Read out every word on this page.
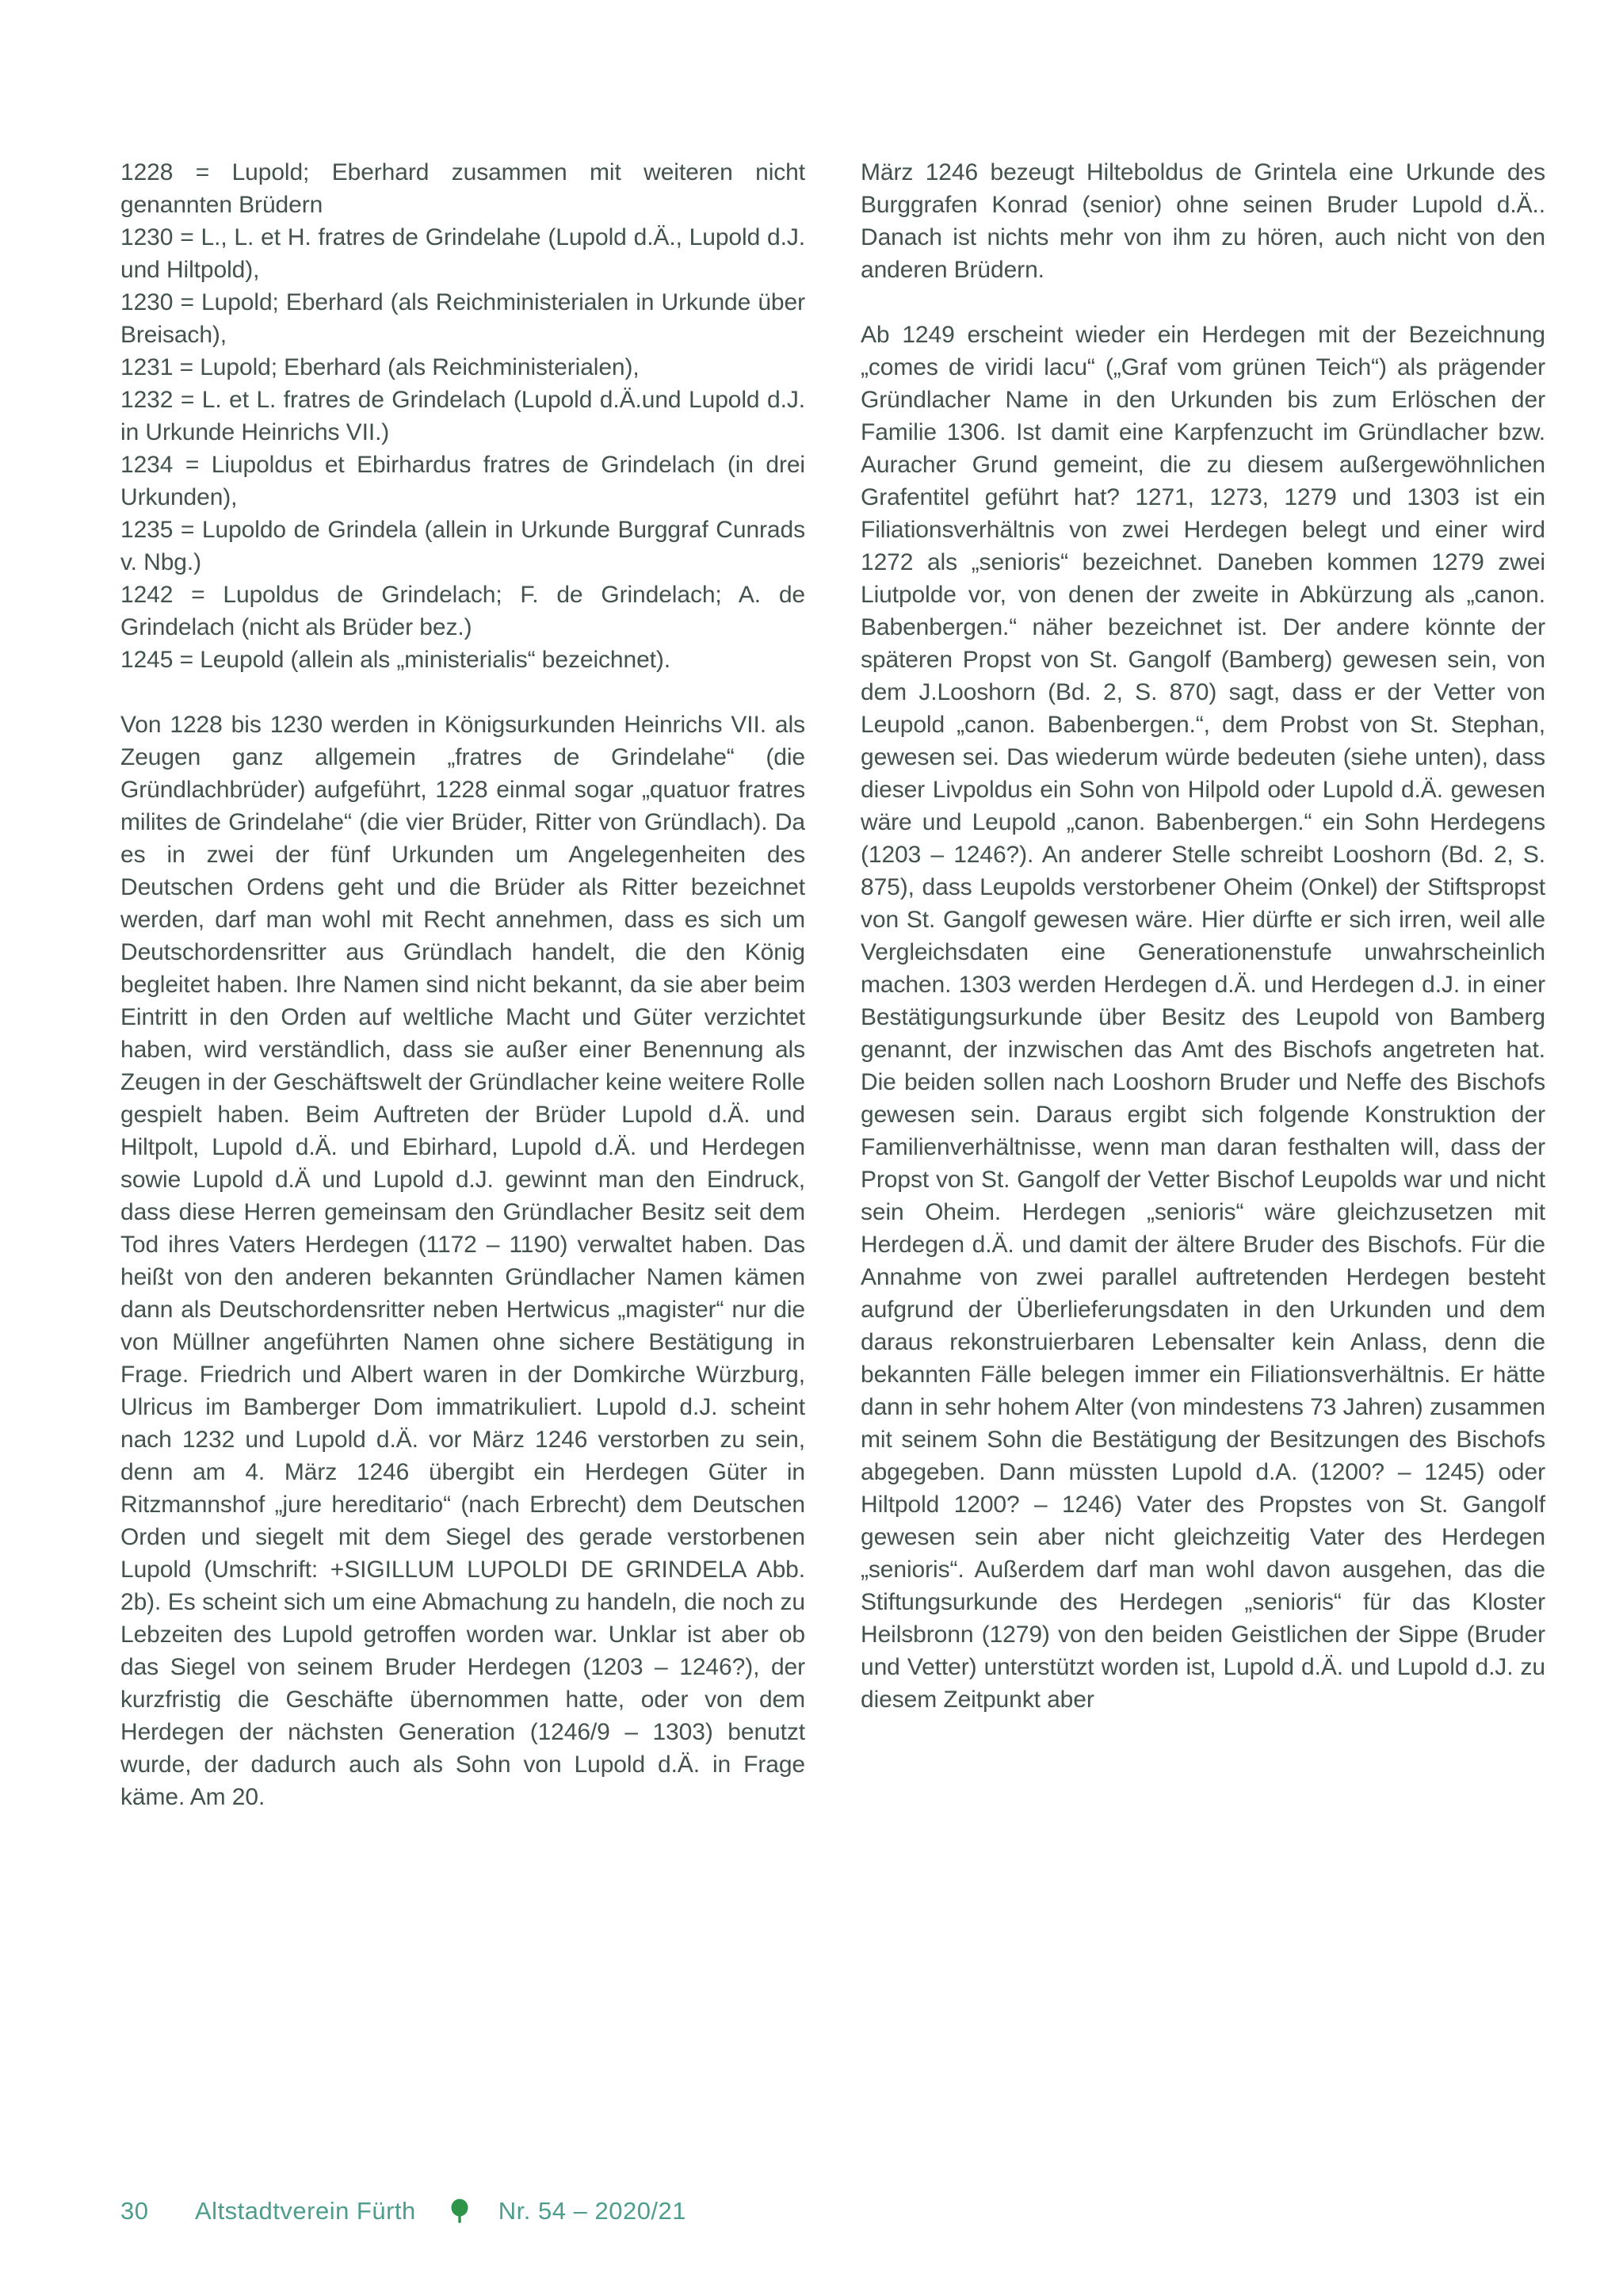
1228 = Lupold; Eberhard zusammen mit weiteren nicht genannten Brüdern

1230 = L., L. et H. fratres de Grindelahe (Lupold d.Ä., Lupold d.J. und Hiltpold),

1230 = Lupold; Eberhard (als Reichministerialen in Urkunde über Breisach),

1231 = Lupold; Eberhard (als Reichministerialen),

1232 = L. et L. fratres de Grindelach (Lupold d.Ä.und Lupold d.J. in Urkunde Heinrichs VII.)

1234 = Liupoldus et Ebirhardus fratres de Grindelach (in drei Urkunden),

1235 = Lupoldo de Grindela (allein in Urkunde Burggraf Cunrads v. Nbg.)

1242 = Lupoldus de Grindelach; F. de Grindelach; A. de Grindelach (nicht als Brüder bez.)

1245 = Leupold (allein als „ministerialis“ bezeichnet).

Von 1228 bis 1230 werden in Königsurkunden Heinrichs VII. als Zeugen ganz allgemein „fratres de Grindelahe“ (die Gründlachbrüder) aufgeführt, 1228 einmal sogar „quatuor fratres milites de Grindelahe“ (die vier Brüder, Ritter von Gründlach). Da es in zwei der fünf Urkunden um Angelegenheiten des Deutschen Ordens geht und die Brüder als Ritter bezeichnet werden, darf man wohl mit Recht annehmen, dass es sich um Deutschordensritter aus Gründlach handelt, die den König begleitet haben. Ihre Namen sind nicht bekannt, da sie aber beim Eintritt in den Orden auf weltliche Macht und Güter verzichtet haben, wird verständlich, dass sie außer einer Benennung als Zeugen in der Geschäftswelt der Gründlacher keine weitere Rolle gespielt haben. Beim Auftreten der Brüder Lupold d.Ä. und Hiltpolt, Lupold d.Ä. und Ebirhard, Lupold d.Ä. und Herdegen sowie Lupold d.Ä und Lupold d.J. gewinnt man den Eindruck, dass diese Herren gemeinsam den Gründlacher Besitz seit dem Tod ihres Vaters Herdegen (1172 – 1190) verwaltet haben. Das heißt von den anderen bekannten Gründlacher Namen kämen dann als Deutschordensritter neben Hertwicus „magister“ nur die von Müllner angeführten Namen ohne sichere Bestätigung in Frage. Friedrich und Albert waren in der Domkirche Würzburg, Ulricus im Bamberger Dom immatrikuliert. Lupold d.J. scheint nach 1232 und Lupold d.Ä. vor März 1246 verstorben zu sein, denn am 4. März 1246 übergibt ein Herdegen Güter in Ritzmannshof „jure hereditario“ (nach Erbrecht) dem Deutschen Orden und siegelt mit dem Siegel des gerade verstorbenen Lupold (Umschrift: +SIGILLUM LUPOLDI DE GRINDELA Abb. 2b). Es scheint sich um eine Abmachung zu handeln, die noch zu Lebzeiten des Lupold getroffen worden war. Unklar ist aber ob das Siegel von seinem Bruder Herdegen (1203 – 1246?), der kurzfristig die Geschäfte übernommen hatte, oder von dem Herdegen der nächsten Generation (1246/9 – 1303) benutzt wurde, der dadurch auch als Sohn von Lupold d.Ä. in Frage käme. Am 20.

März 1246 bezeugt Hilteboldus de Grintela eine Urkunde des Burggrafen Konrad (senior) ohne seinen Bruder Lupold d.Ä.. Danach ist nichts mehr von ihm zu hören, auch nicht von den anderen Brüdern.

Ab 1249 erscheint wieder ein Herdegen mit der Bezeichnung „comes de viridi lacu“ („Graf vom grünen Teich“) als prägender Gründlacher Name in den Urkunden bis zum Erlöschen der Familie 1306. Ist damit eine Karpfenzucht im Gründlacher bzw. Auracher Grund gemeint, die zu diesem außergewöhnlichen Grafentitel geführt hat? 1271, 1273, 1279 und 1303 ist ein Filiationsverhältnis von zwei Herdegen belegt und einer wird 1272 als „senioris“ bezeichnet. Daneben kommen 1279 zwei Liutpolde vor, von denen der zweite in Abkürzung als „canon. Babenbergen.“ näher bezeichnet ist. Der andere könnte der späteren Propst von St. Gangolf (Bamberg) gewesen sein, von dem J.Looshorn (Bd. 2, S. 870) sagt, dass er der Vetter von Leupold „canon. Babenbergen.“, dem Probst von St. Stephan, gewesen sei. Das wiederum würde bedeuten (siehe unten), dass dieser Livpoldus ein Sohn von Hilpold oder Lupold d.Ä. gewesen wäre und Leupold „canon. Babenbergen.“ ein Sohn Herdegens (1203 – 1246?). An anderer Stelle schreibt Looshorn (Bd. 2, S. 875), dass Leupolds verstorbener Oheim (Onkel) der Stiftspropst von St. Gangolf gewesen wäre. Hier dürfte er sich irren, weil alle Vergleichsdaten eine Generationenstufe unwahrscheinlich machen. 1303 werden Herdegen d.Ä. und Herdegen d.J. in einer Bestätigungsurkunde über Besitz des Leupold von Bamberg genannt, der inzwischen das Amt des Bischofs angetreten hat. Die beiden sollen nach Looshorn Bruder und Neffe des Bischofs gewesen sein. Daraus ergibt sich folgende Konstruktion der Familienverhältnisse, wenn man daran festhalten will, dass der Propst von St. Gangolf der Vetter Bischof Leupolds war und nicht sein Oheim. Herdegen „senioris“ wäre gleichzusetzen mit Herdegen d.Ä. und damit der ältere Bruder des Bischofs. Für die Annahme von zwei parallel auftretenden Herdegen besteht aufgrund der Überlieferungsdaten in den Urkunden und dem daraus rekonstruierbaren Lebensalter kein Anlass, denn die bekannten Fälle belegen immer ein Filiationsverhältnis. Er hätte dann in sehr hohem Alter (von mindestens 73 Jahren) zusammen mit seinem Sohn die Bestätigung der Besitzungen des Bischofs abgegeben. Dann müssten Lupold d.A. (1200? – 1245) oder Hiltpold 1200? – 1246) Vater des Propstes von St. Gangolf gewesen sein aber nicht gleichzeitig Vater des Herdegen „senioris“. Außerdem darf man wohl davon ausgehen, das die Stiftungsurkunde des Herdegen „senioris“ für das Kloster Heilsbronn (1279) von den beiden Geistlichen der Sippe (Bruder und Vetter) unterstützt worden ist, Lupold d.Ä. und Lupold d.J. zu diesem Zeitpunkt aber

30	Altstadtverein Fürth	Nr. 54 – 2020/21
